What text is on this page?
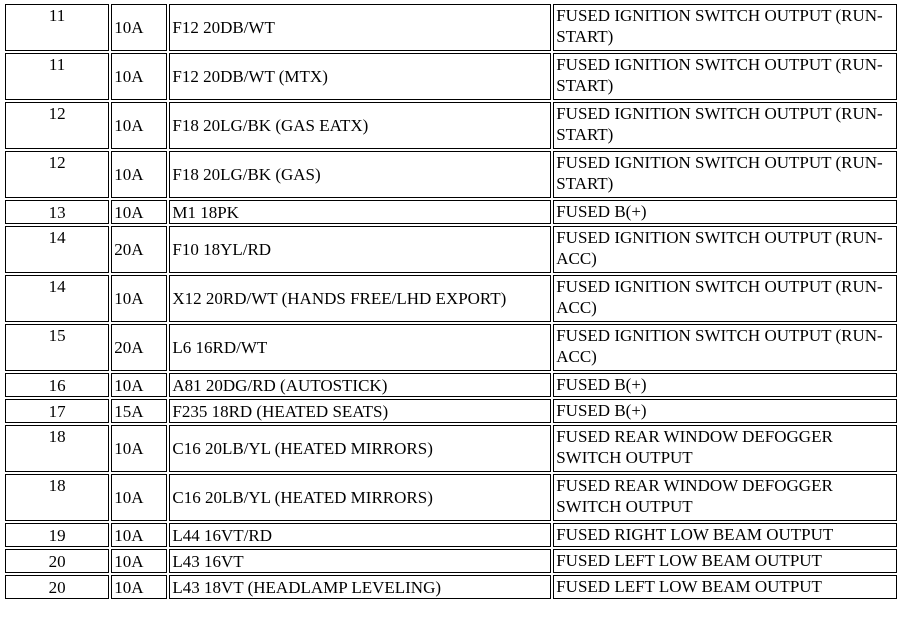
11	10A	F12 20DB/WT	FUSED IGNITION SWITCH OUTPUT (RUN-START)
11	10A	F12 20DB/WT (MTX)	FUSED IGNITION SWITCH OUTPUT (RUN-START)
12	10A	F18 20LG/BK (GAS EATX)	FUSED IGNITION SWITCH OUTPUT (RUN-START)
12	10A	F18 20LG/BK (GAS)	FUSED IGNITION SWITCH OUTPUT (RUN-START)
13	10A	M1 18PK	FUSED B(+)
14	20A	F10 18YL/RD	FUSED IGNITION SWITCH OUTPUT (RUN-ACC)
14	10A	X12 20RD/WT (HANDS FREE/LHD EXPORT)	FUSED IGNITION SWITCH OUTPUT (RUN-ACC)
15	20A	L6 16RD/WT	FUSED IGNITION SWITCH OUTPUT (RUN-ACC)
16	10A	A81 20DG/RD (AUTOSTICK)	FUSED B(+)
17	15A	F235 18RD (HEATED SEATS)	FUSED B(+)
18	10A	C16 20LB/YL (HEATED MIRRORS)	FUSED REAR WINDOW DEFOGGER SWITCH OUTPUT
18	10A	C16 20LB/YL (HEATED MIRRORS)	FUSED REAR WINDOW DEFOGGER SWITCH OUTPUT
19	10A	L44 16VT/RD	FUSED RIGHT LOW BEAM OUTPUT
20	10A	L43 16VT	FUSED LEFT LOW BEAM OUTPUT
20	10A	L43 18VT (HEADLAMP LEVELING)	FUSED LEFT LOW BEAM OUTPUT
